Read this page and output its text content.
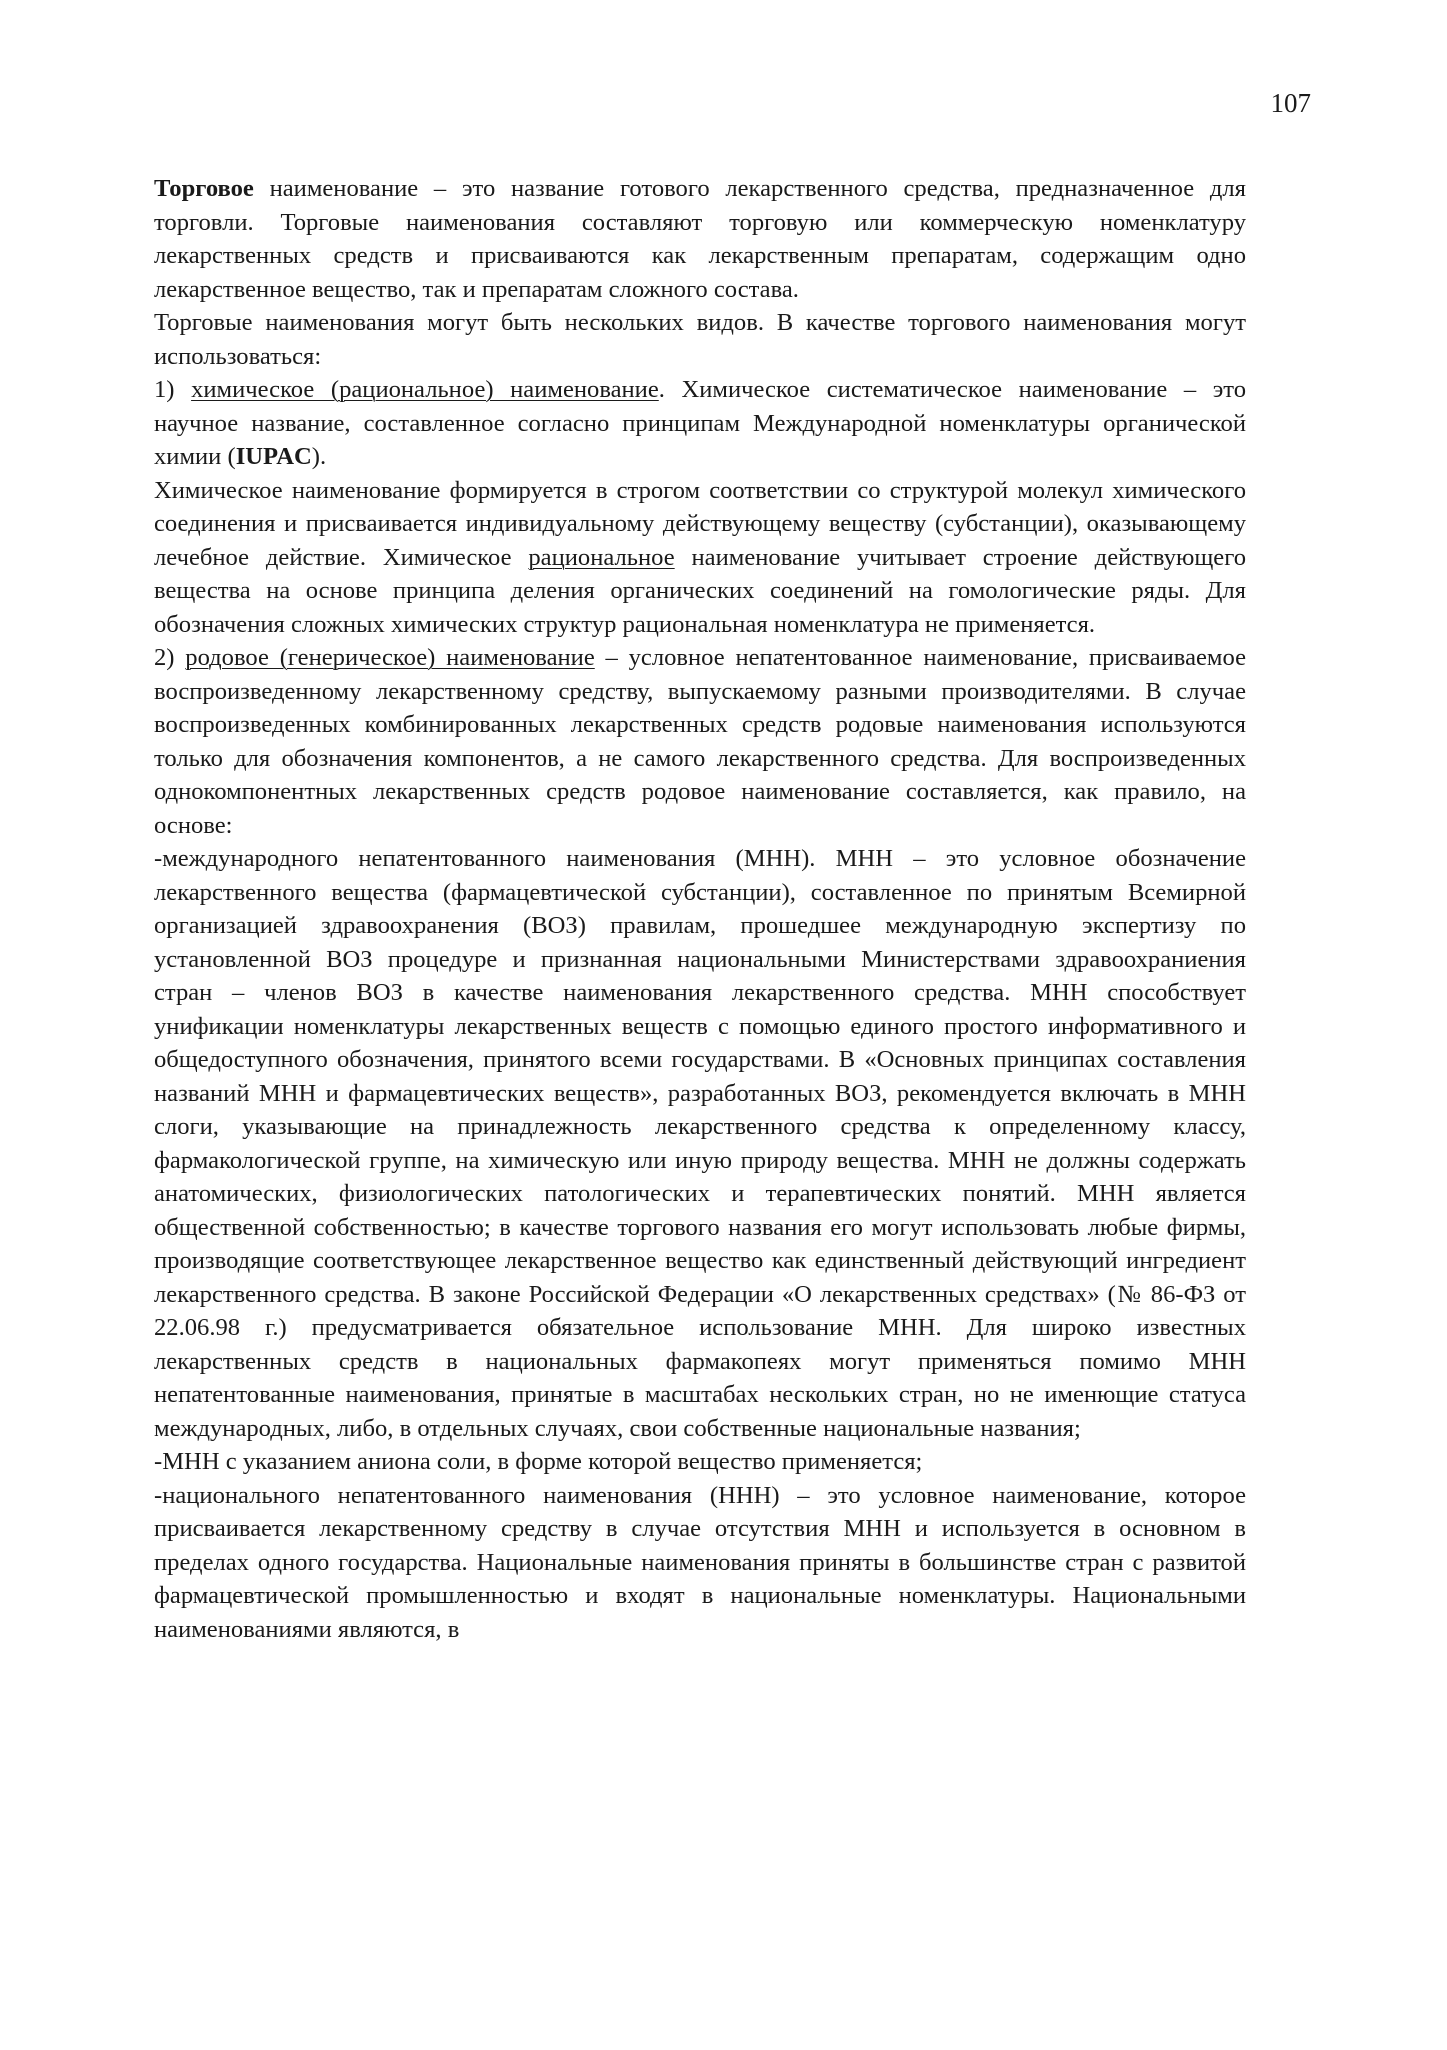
107

Торговое наименование – это название готового лекарственного средства, предназначенное для торговли. Торговые наименования составляют торговую или коммерческую номенклатуру лекарственных средств и присваиваются как лекарственным препаратам, содержащим одно лекарственное вещество, так и препаратам сложного состава.

Торговые наименования могут быть нескольких видов. В качестве торгового наименования могут использоваться:

1) химическое (рациональное) наименование. Химическое систематическое наименование – это научное название, составленное согласно принципам Международной номенклатуры органической химии (IUPAC).

Химическое наименование формируется в строгом соответствии со структурой молекул химического соединения и присваивается индивидуальному действующему веществу (субстанции), оказывающему лечебное действие. Химическое рациональное наименование учитывает строение действующего вещества на основе принципа деления органических соединений на гомологические ряды. Для обозначения сложных химических структур рациональная номенклатура не применяется.

2) родовое (генерическое) наименование – условное непатентованное наименование, присваиваемое воспроизведенному лекарственному средству, выпускаемому разными производителями. В случае воспроизведенных комбинированных лекарственных средств родовые наименования используются только для обозначения компонентов, а не самого лекарственного средства. Для воспроизведенных однокомпонентных лекарственных средств родовое наименование составляется, как правило, на основе:

-международного непатентованного наименования (МНН). МНН – это условное обозначение лекарственного вещества (фармацевтической субстанции), составленное по принятым Всемирной организацией здравоохранения (ВОЗ) правилам, прошедшее международную экспертизу по установленной ВОЗ процедуре и признанная национальными Министерствами здравоохраниения стран – членов ВОЗ в качестве наименования лекарственного средства. МНН способствует унификации номенклатуры лекарственных веществ с помощью единого простого информативного и общедоступного обозначения, принятого всеми государствами. В «Основных принципах составления названий МНН и фармацевтических веществ», разработанных ВОЗ, рекомендуется включать в МНН слоги, указывающие на принадлежность лекарственного средства к определенному классу, фармакологической группе, на химическую или иную природу вещества. МНН не должны содержать анатомических, физиологических патологических и терапевтических понятий. МНН является общественной собственностью; в качестве торгового названия его могут использовать любые фирмы, производящие соответствующее лекарственное вещество как единственный действующий ингредиент лекарственного средства. В законе Российской Федерации «О лекарственных средствах» (№ 86-ФЗ от 22.06.98 г.) предусматривается обязательное использование МНН. Для широко известных лекарственных средств в национальных фармакопеях могут применяться помимо МНН непатентованные наименования, принятые в масштабах нескольких стран, но не именющие статуса международных, либо, в отдельных случаях, свои собственные национальные названия;

-МНН с указанием аниона соли, в форме которой вещество применяется;

-национального непатентованного наименования (ННН) – это условное наименование, которое присваивается лекарственному средству в случае отсутствия МНН и используется в основном в пределах одного государства. Национальные наименования приняты в большинстве стран с развитой фармацевтической промышленностью и входят в национальные номенклатуры. Национальными наименованиями являются, в
